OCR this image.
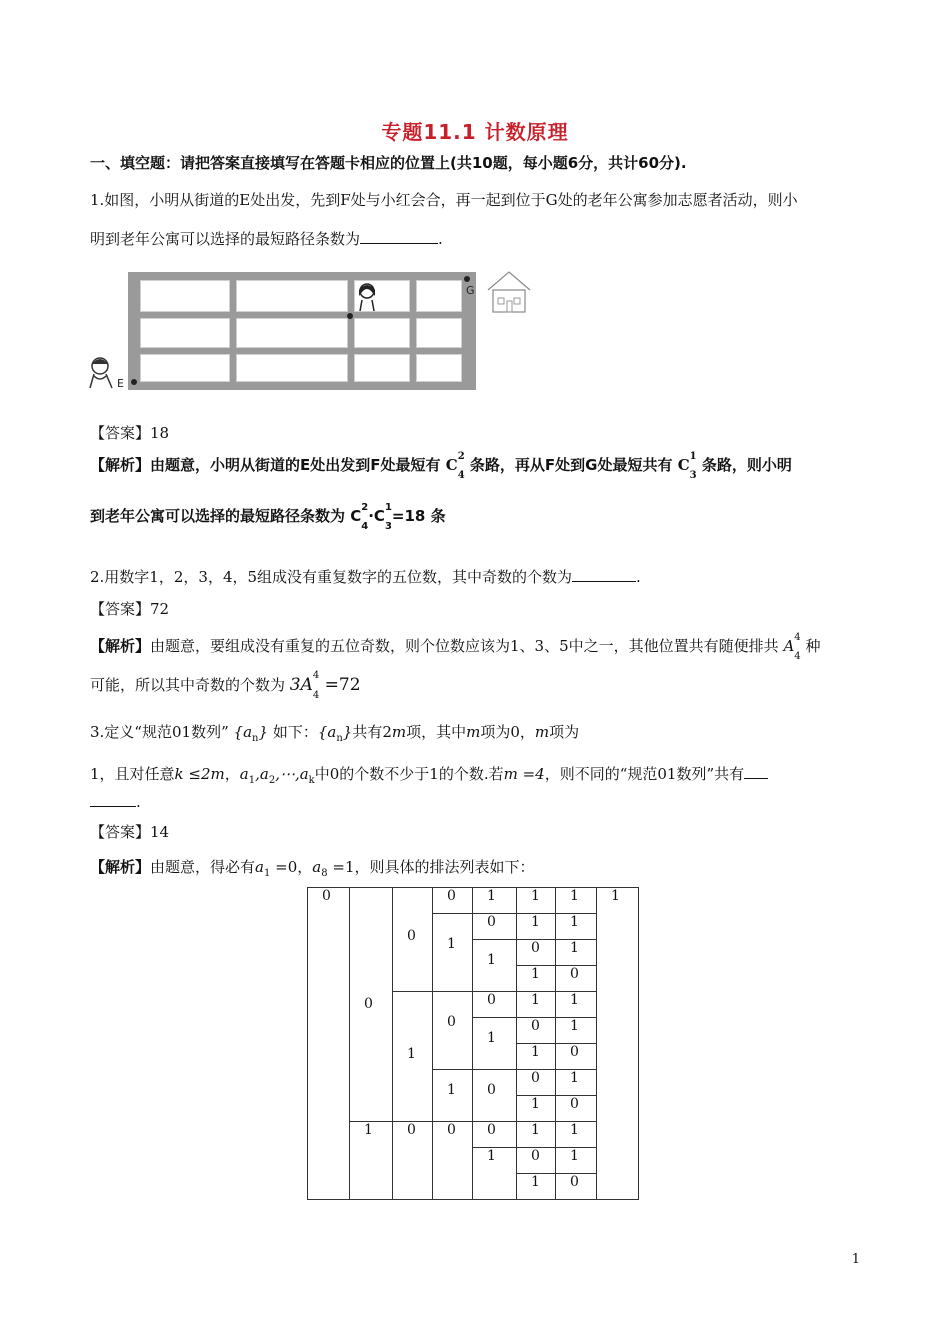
专题11.1 计数原理
一、填空题：请把答案直接填写在答题卡相应的位置上(共10题，每小题6分，共计60分).
1.如图，小明从街道的E处出发，先到F处与小红会合，再一起到位于G处的老年公寓参加志愿者活动，则小
明到老年公寓可以选择的最短路径条数为	.
E
G
【答案】18
【解析】由题意，小明从街道的E处出发到F处最短有 C 2
$_4$ 条路，再从F处到G处最短共有 C 1
$_3$ 条路，则小明
到老年公寓可以选择的最短路径条数为 C 2
$_4$·C 1
$_3$=18 条
2.用数字1，2，3，4，5组成没有重复数字的五位数，其中奇数的个数为	.
【答案】72
【解析】由题意，要组成没有重复的五位奇数，则个位数应该为1、3、5中之一，其他位置共有随便排共 A 4
$_4$ 种
可能，所以其中奇数的个数为 3A 4
$_4$ =72
3.定义“规范01数列” $\{a_n\}$ 如下：$\{a_n\}$共有2m项，其中m项为0，m项为
1，且对任意k ≤2m，$a_1,a_2,\cdots,a_k$中0的个数不少于1的个数.若m =4，则不同的“规范01数列”共有
.
【答案】14
【解析】由题意，得必有$a_1 =0$，$a_8 =1$，则具体的排法列表如下：
0	0	0	0	1	1	1	1
			1	0	1	1	
				1	0	1	
					1	0	
		1	0	0	1	1	
				1	0	1	
					1	0	
			1	0	0	1	
					1	0	
	1	0	0	0	1	1	
				1	0	1	
					1	0	
1
